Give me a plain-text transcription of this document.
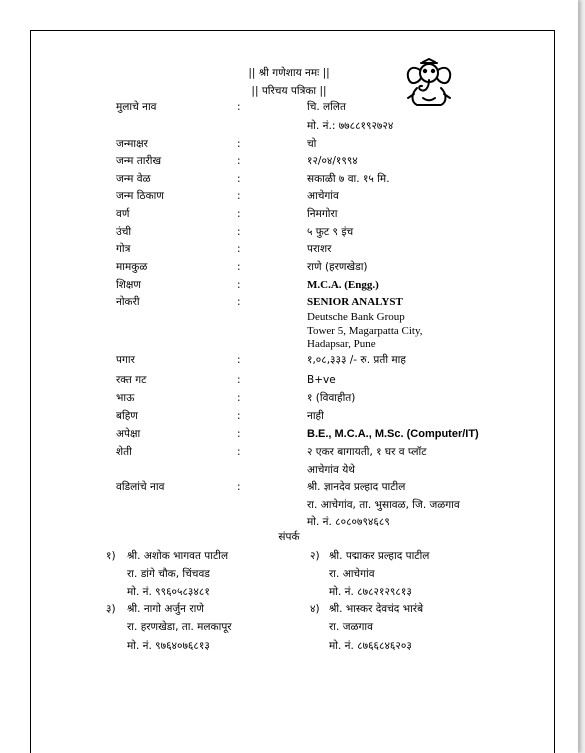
|| श्री गणेशाय नमः ||
|| परिचय पत्रिका ||
मुलाचे नाव	:	चि. ललित
मो. नं.: ७७८८१९२७२४
जन्माक्षर	:	चो
जन्म तारीख	:	१२/०४/१९९४
जन्म वेळ	:	सकाळी ७ वा. १५ मि.
जन्म ठिकाण	:	आचेगांव
वर्ण	:	निमगोरा
उंची	:	५ फुट ९ इंच
गोत्र	:	पराशर
मामकुळ	:	राणे (हरणखेडा)
शिक्षण	:	M.C.A. (Engg.)
नोकरी	:	SENIOR ANALYST
Deutsche Bank Group
Tower 5, Magarpatta City,
Hadapsar, Pune
पगार	:	१,०८,३३३ /- रु. प्रती माह
रक्त गट	:	B+ve
भाऊ	:	१ (विवाहीत)
बहिण	:	नाही
अपेक्षा	:	B.E., M.C.A., M.Sc. (Computer/IT)
शेती	:	२ एकर बागायती, १ घर व प्लॉट
आचेगांव येथे
वडिलांचे नाव	:	श्री. ज्ञानदेव प्रल्हाद पाटील
रा. आचेगांव, ता. भुसावळ, जि. जळगाव
मो. नं. ८०८०७९४६८९
संपर्क
१) श्री. अशोक भागवत पाटील
रा. डांगे चौक, चिंचवड
मो. नं. ९९६०५८३४८१
२) श्री. पद्माकर प्रल्हाद पाटील
रा. आचेगांव
मो. नं. ८७८२१२९८१३
३) श्री. नागो अर्जुन राणे
रा. हरणखेडा, ता. मलकापूर
मो. नं. ९७६४०७६८१३
४) श्री. भास्कर देवचंद भारंबे
रा. जळगाव
मो. नं. ८७६६८४६२०३
